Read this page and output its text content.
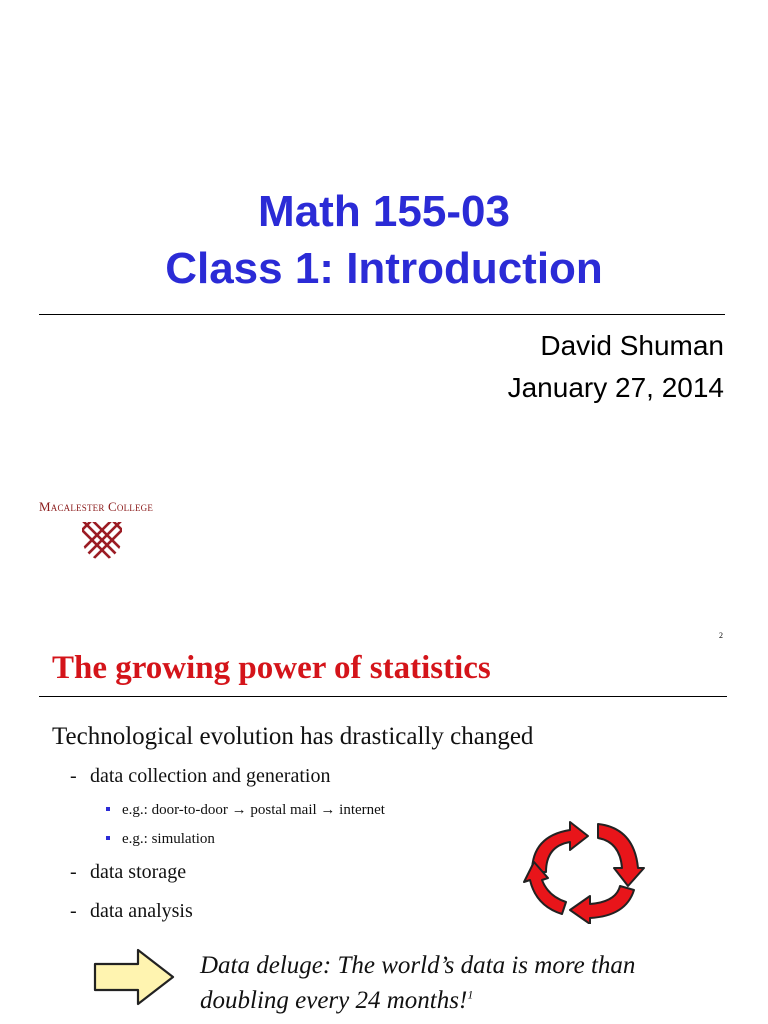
Math 155-03
Class 1: Introduction
David Shuman
January 27, 2014
Macalester College
2
The growing power of statistics
Technological evolution has drastically changed
- data collection and generation
e.g.: door-to-door → postal mail → internet
e.g.: simulation
- data storage
- data analysis
Data deluge: The world’s data is more than
doubling every 24 months!$^1$
